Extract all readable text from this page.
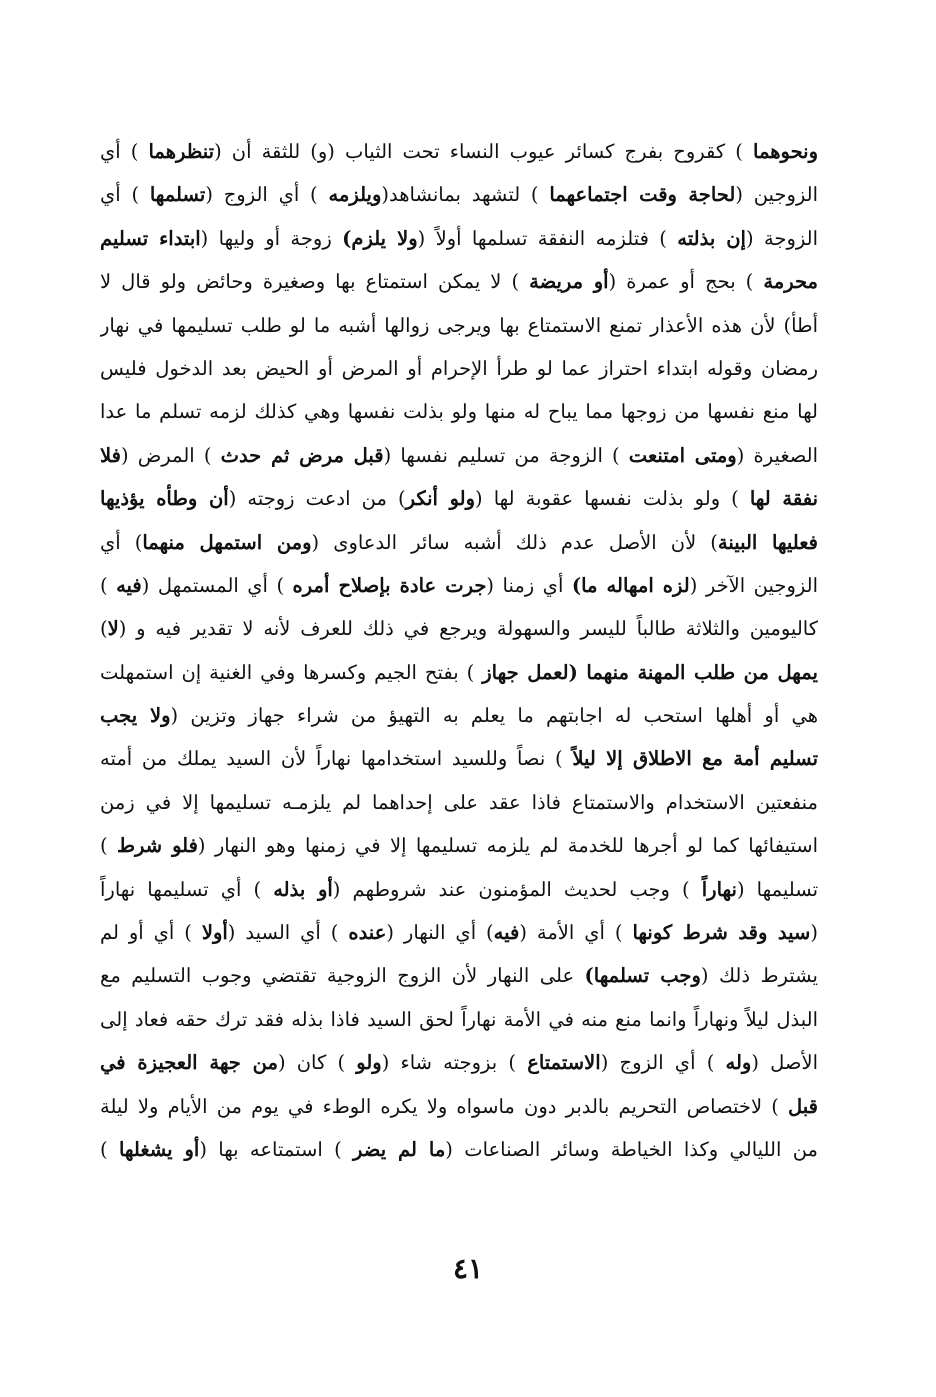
ونحوهما ) كقروح بفرج كسائر عيوب النساء تحت الثياب (و) للثقة أن (تنظرهما ) أي
الزوجين (لحاجة وقت اجتماعهما ) لتشهد بمانشاهد(ويلزمه ) أي الزوج (تسلمها ) أي
الزوجة (إن بذلته ) فتلزمه النفقة تسلمها أولاً (ولا يلزم) زوجة أو وليها (ابتداء تسليم
محرمة ) بحج أو عمرة (أو مريضة ) لا يمكن استمتاع بها وصغيرة وحائض ولو قال لا
أطأ) لأن هذه الأعذار تمنع الاستمتاع بها ويرجى زوالها أشبه ما لو طلب تسليمها في نهار
رمضان وقوله ابتداء احتراز عما لو طرأ الإحرام أو المرض أو الحيض بعد الدخول فليس
لها منع نفسها من زوجها مما يباح له منها ولو بذلت نفسها وهي كذلك لزمه تسلم ما عدا
الصغيرة (ومتى امتنعت ) الزوجة من تسليم نفسها (قبل مرض ثم حدث ) المرض (فلا
نفقة لها ) ولو بذلت نفسها عقوبة لها (ولو أنكر) من ادعت زوجته (أن وطأه يؤذيها
فعليها البينة) لأن الأصل عدم ذلك أشبه سائر الدعاوى (ومن استمهل منهما) أي
الزوجين الآخر (لزه امهاله ما) أي زمنا (جرت عادة بإصلاح أمره ) أي المستمهل (فيه )
كاليومين والثلاثة طالباً لليسر والسهولة ويرجع في ذلك للعرف لأنه لا تقدير فيه و (لا)
يمهل من طلب المهنة منهما (لعمل جهاز ) بفتح الجيم وكسرها وفي الغنية إن استمهلت
هي أو أهلها استحب له اجابتهم ما يعلم به التهيؤ من شراء جهاز وتزين (ولا يجب
تسليم أمة مع الاطلاق إلا ليلاً ) نصاً وللسيد استخدامها نهاراً لأن السيد يملك من أمته
منفعتين الاستخدام والاستمتاع فاذا عقد على إحداهما لم يلزمـه تسليمها إلا في زمن
استيفائها كما لو أجرها للخدمة لم يلزمه تسليمها إلا في زمنها وهو النهار (فلو شرط )
تسليمها (نهاراً ) وجب لحديث المؤمنون عند شروطهم (أو بذله ) أي تسليمها نهاراً
(سيد وقد شرط كونها ) أي الأمة (فيه) أي النهار (عنده ) أي السيد (أولا ) أي أو لم
يشترط ذلك (وجب تسلمها) على النهار لأن الزوج الزوجية تقتضي وجوب التسليم مع
البذل ليلاً ونهاراً وانما منع منه في الأمة نهاراً لحق السيد فاذا بذله فقد ترك حقه فعاد إلى
الأصل (وله ) أي الزوج (الاستمتاع ) بزوجته شاء (ولو ) كان (من جهة العجيزة في
قبل ) لاختصاص التحريم بالدبر دون ماسواه ولا يكره الوطء في يوم من الأيام ولا ليلة
من الليالي وكذا الخياطة وسائر الصناعات (ما لم يضر ) استمتاعه بها (أو يشغلها )
٤١
